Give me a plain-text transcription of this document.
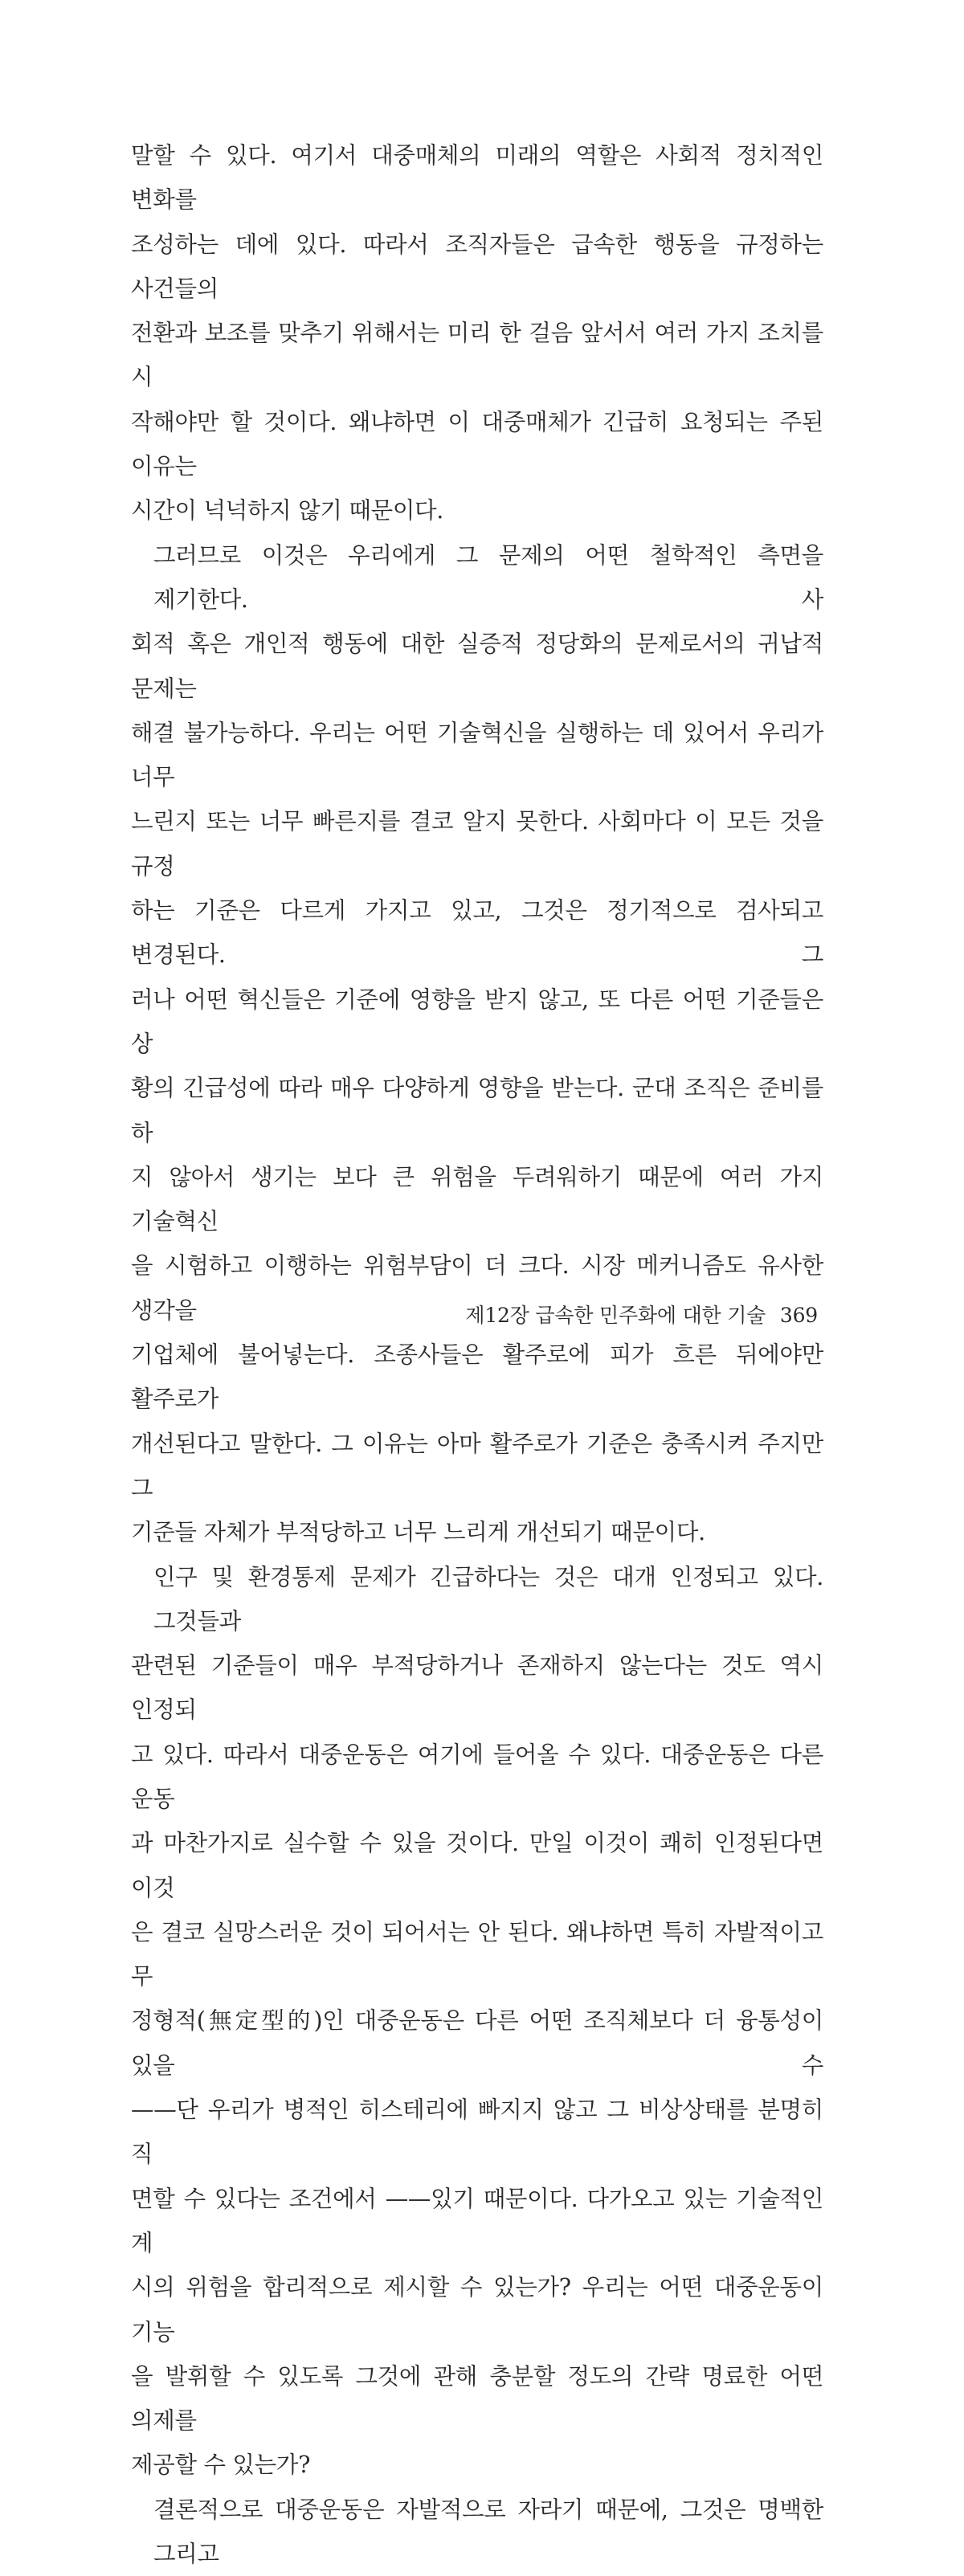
말할 수 있다. 여기서 대중매체의 미래의 역할은 사회적 정치적인 변화를
조성하는 데에 있다. 따라서 조직자들은 급속한 행동을 규정하는 사건들의
전환과 보조를 맞추기 위해서는 미리 한 걸음 앞서서 여러 가지 조치를 시
작해야만 할 것이다. 왜냐하면 이 대중매체가 긴급히 요청되는 주된 이유는
시간이 넉넉하지 않기 때문이다.
그러므로 이것은 우리에게 그 문제의 어떤 철학적인 측면을 제기한다. 사
회적 혹은 개인적 행동에 대한 실증적 정당화의 문제로서의 귀납적 문제는
해결 불가능하다. 우리는 어떤 기술혁신을 실행하는 데 있어서 우리가 너무
느린지 또는 너무 빠른지를 결코 알지 못한다. 사회마다 이 모든 것을 규정
하는 기준은 다르게 가지고 있고, 그것은 정기적으로 검사되고 변경된다. 그
러나 어떤 혁신들은 기준에 영향을 받지 않고, 또 다른 어떤 기준들은 상
황의 긴급성에 따라 매우 다양하게 영향을 받는다. 군대 조직은 준비를 하
지 않아서 생기는 보다 큰 위험을 두려워하기 때문에 여러 가지 기술혁신
을 시험하고 이행하는 위험부담이 더 크다. 시장 메커니즘도 유사한 생각을
기업체에 불어넣는다. 조종사들은 활주로에 피가 흐른 뒤에야만 활주로가
개선된다고 말한다. 그 이유는 아마 활주로가 기준은 충족시켜 주지만 그
기준들 자체가 부적당하고 너무 느리게 개선되기 때문이다.
인구 및 환경통제 문제가 긴급하다는 것은 대개 인정되고 있다. 그것들과
관련된 기준들이 매우 부적당하거나 존재하지 않는다는 것도 역시 인정되
고 있다. 따라서 대중운동은 여기에 들어올 수 있다. 대중운동은 다른 운동
과 마찬가지로 실수할 수 있을 것이다. 만일 이것이 쾌히 인정된다면 이것
은 결코 실망스러운 것이 되어서는 안 된다. 왜냐하면 특히 자발적이고 무
정형적(無定型的)인 대중운동은 다른 어떤 조직체보다 더 융통성이 있을 수
——단 우리가 병적인 히스테리에 빠지지 않고 그 비상상태를 분명히 직
면할 수 있다는 조건에서 ——있기 때문이다. 다가오고 있는 기술적인 계
시의 위험을 합리적으로 제시할 수 있는가? 우리는 어떤 대중운동이 기능
을 발휘할 수 있도록 그것에 관해 충분할 정도의 간략 명료한 어떤 의제를
제공할 수 있는가?
결론적으로 대중운동은 자발적으로 자라기 때문에, 그것은 명백한 그리고
제12장 급속한 민주화에 대한 기술 369
